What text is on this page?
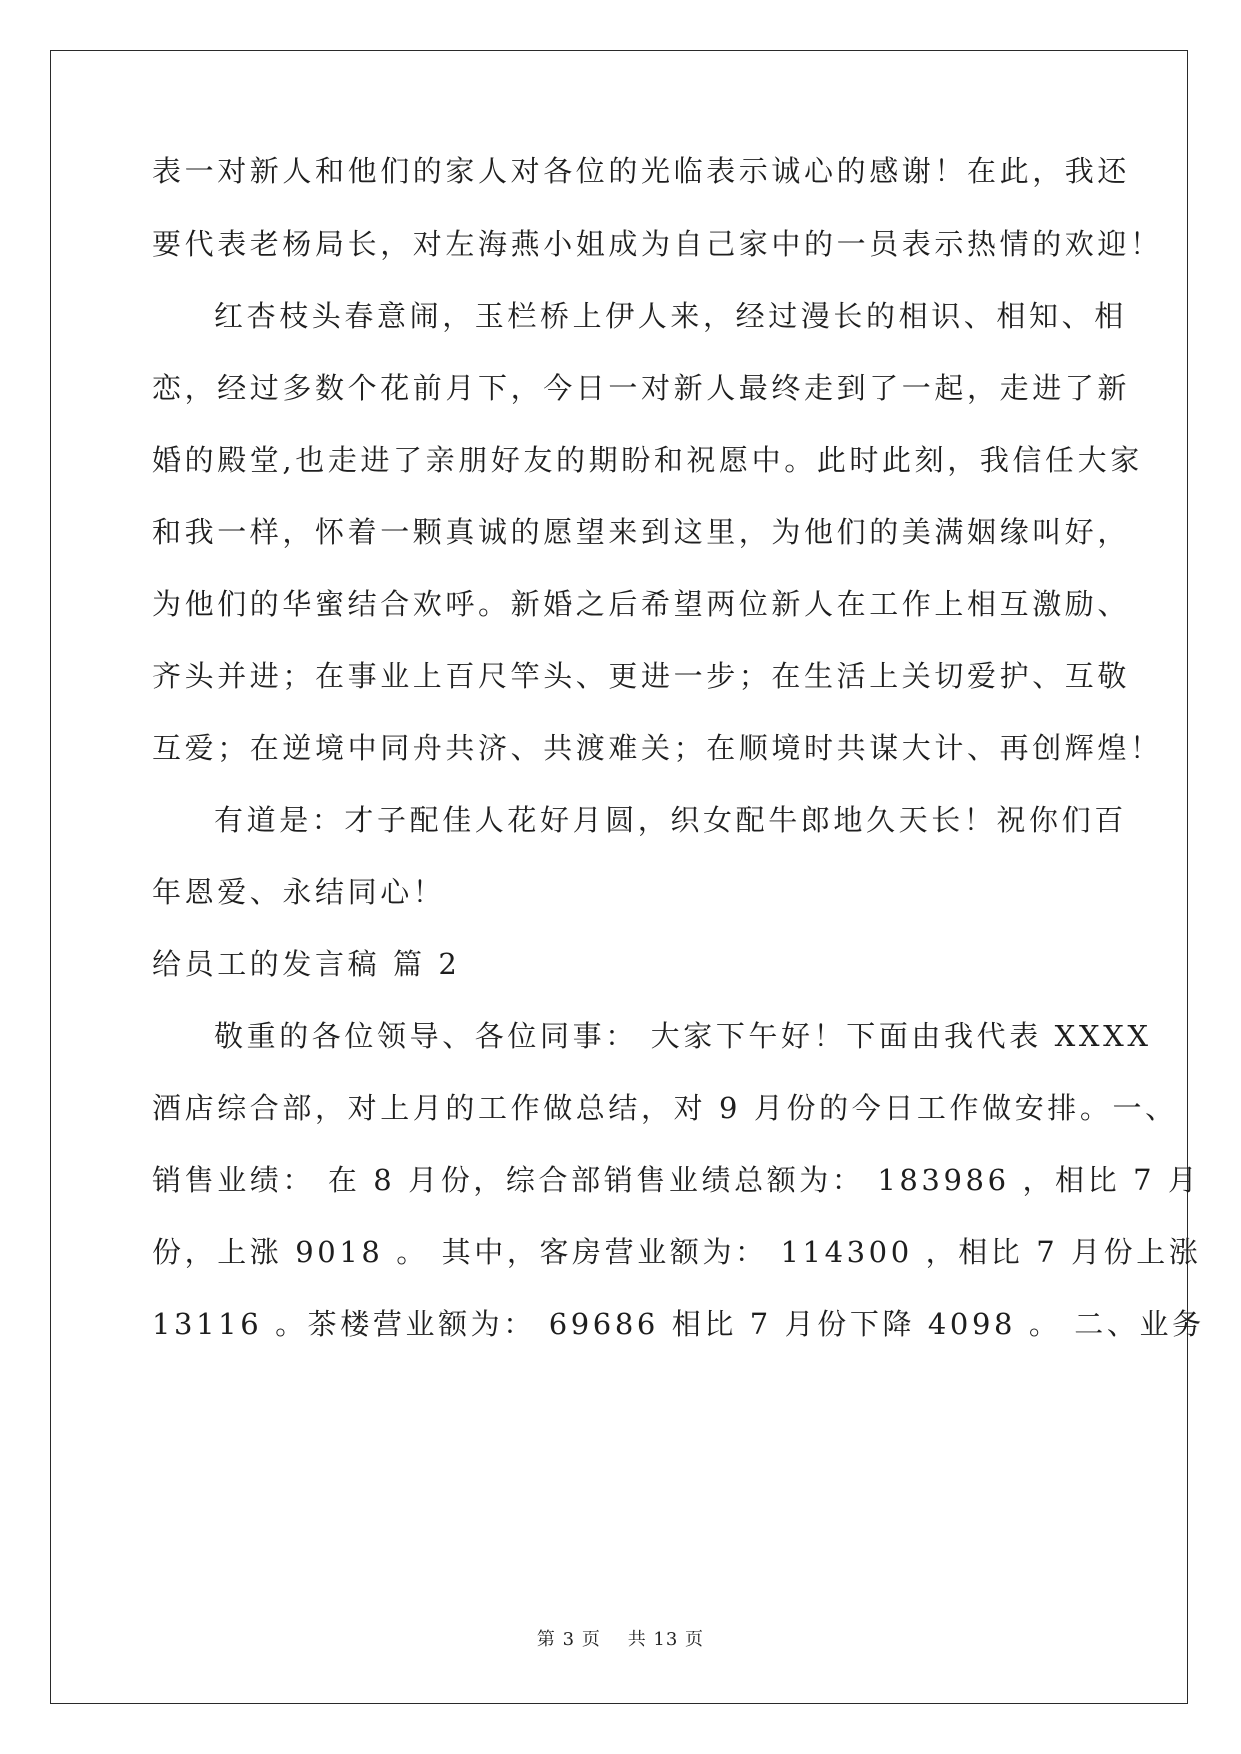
表一对新人和他们的家人对各位的光临表示诚心的感谢！在此，我还
要代表老杨局长，对左海燕小姐成为自己家中的一员表示热情的欢迎！
红杏枝头春意闹，玉栏桥上伊人来，经过漫长的相识、相知、相
恋，经过多数个花前月下，今日一对新人最终走到了一起，走进了新
婚的殿堂,也走进了亲朋好友的期盼和祝愿中。此时此刻，我信任大家
和我一样，怀着一颗真诚的愿望来到这里，为他们的美满姻缘叫好，
为他们的华蜜结合欢呼。新婚之后希望两位新人在工作上相互激励、
齐头并进；在事业上百尺竿头、更进一步；在生活上关切爱护、互敬
互爱；在逆境中同舟共济、共渡难关；在顺境时共谋大计、再创辉煌！
有道是：才子配佳人花好月圆，织女配牛郎地久天长！祝你们百
年恩爱、永结同心！
给员工的发言稿 篇 2
敬重的各位领导、各位同事： 大家下午好！下面由我代表 XXXX
酒店综合部，对上月的工作做总结，对 9 月份的今日工作做安排。一、
销售业绩： 在 8 月份，综合部销售业绩总额为： 183986 ，相比 7 月
份，上涨 9018 。 其中，客房营业额为： 114300 ，相比 7 月份上涨
13116 。茶楼营业额为： 69686 相比 7 月份下降 4098 。 二、业务
第 3 页    共 13 页
